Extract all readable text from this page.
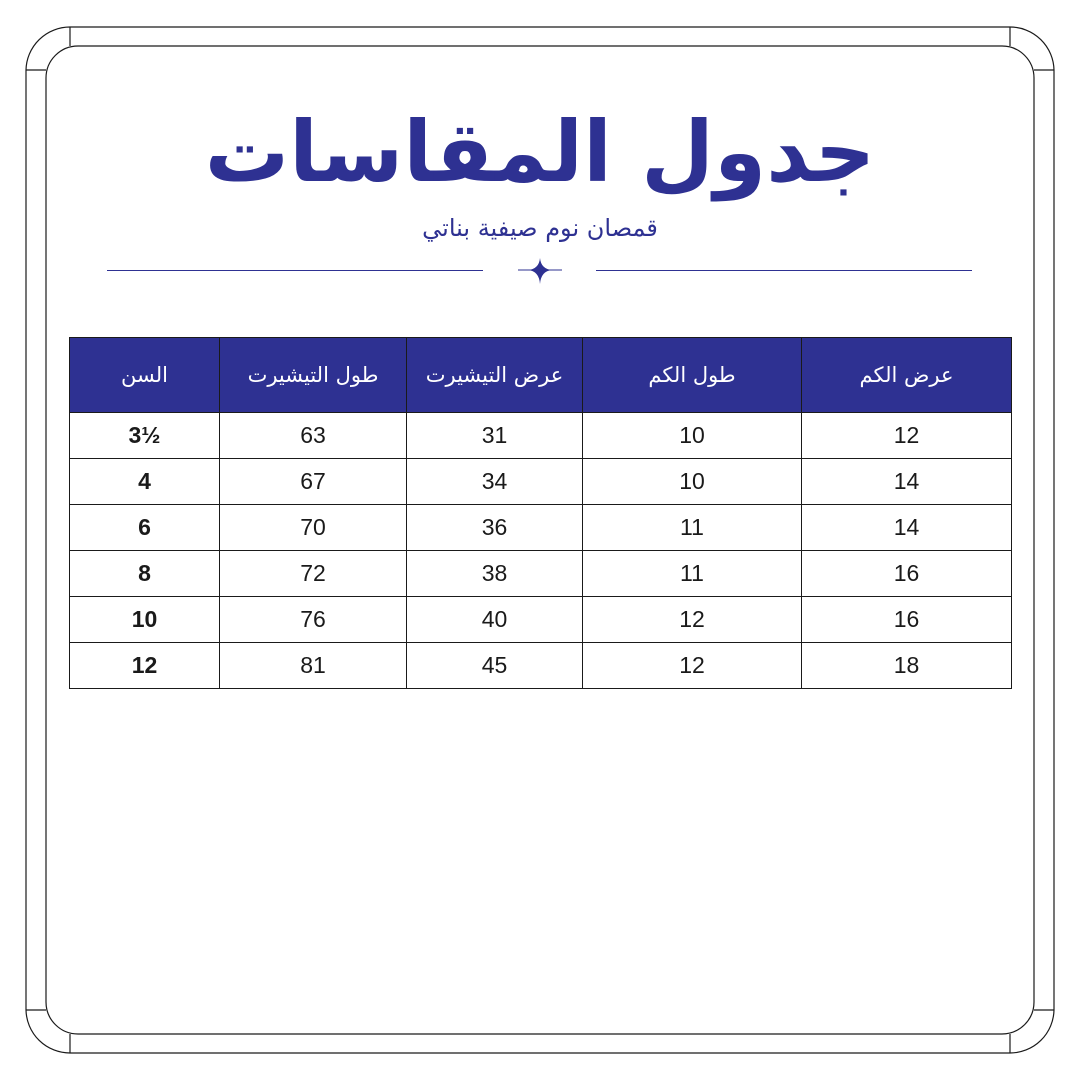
جدول المقاسات
قمصان نوم صيفية بناتي
السن	طول التيشيرت	عرض التيشيرت	طول الكم	عرض الكم
3½	63	31	10	12
4	67	34	10	14
6	70	36	11	14
8	72	38	11	16
10	76	40	12	16
12	81	45	12	18
